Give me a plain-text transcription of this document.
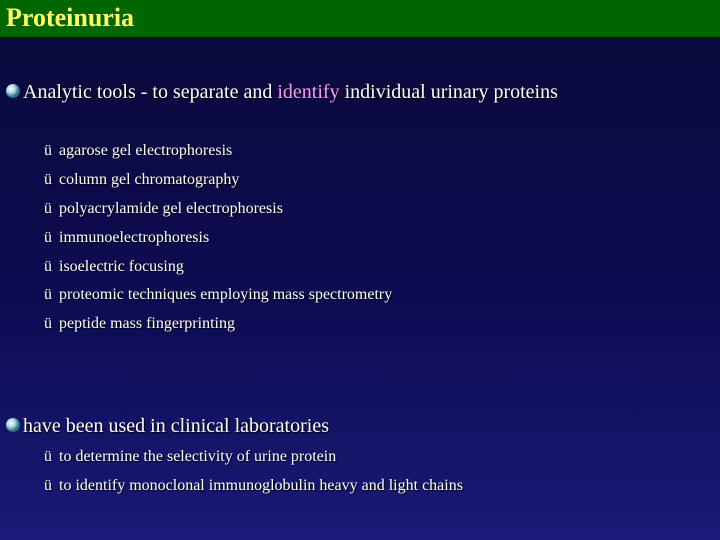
Proteinuria
Analytic tools - to separate and identify individual urinary proteins
ü agarose gel electrophoresis
ü column gel chromatography
ü polyacrylamide gel electrophoresis
ü immunoelectrophoresis
ü isoelectric focusing
ü proteomic techniques employing mass spectrometry
ü peptide mass fingerprinting
have been used in clinical laboratories
ü to determine the selectivity of urine protein
ü to identify monoclonal immunoglobulin heavy and light chains
